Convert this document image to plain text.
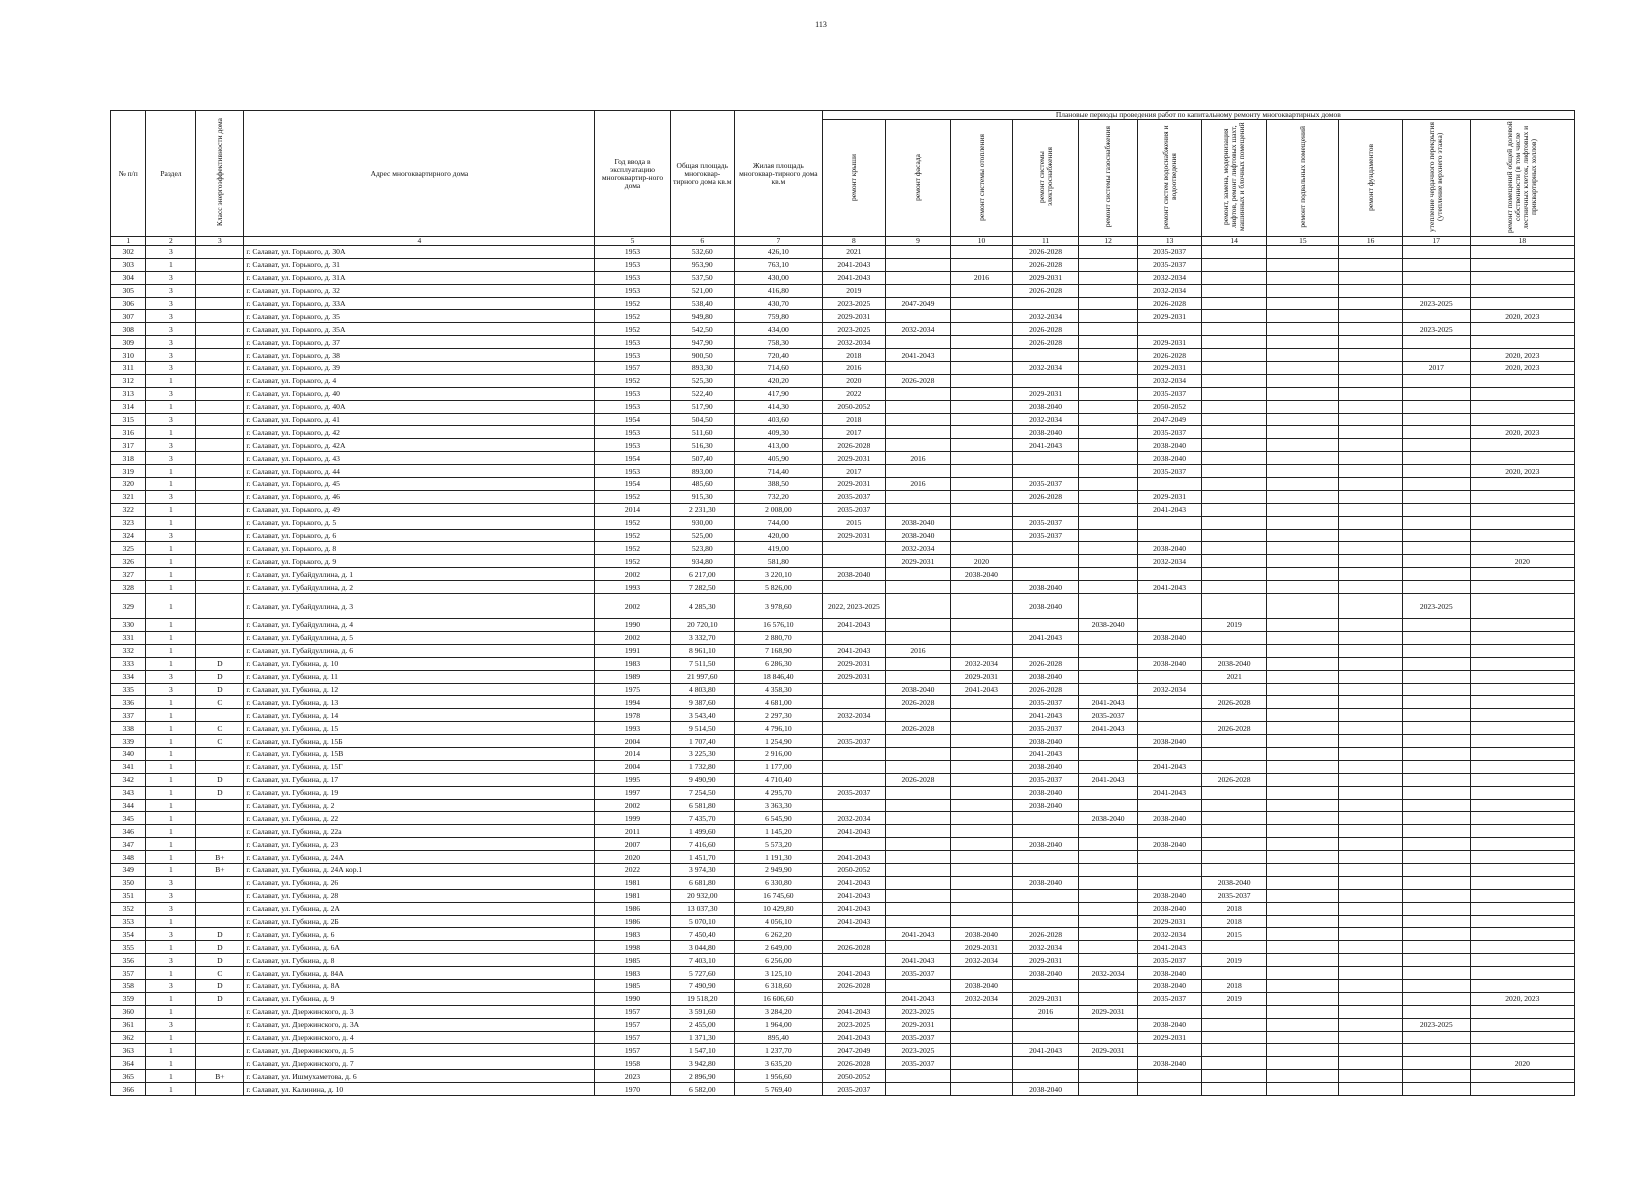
113
№ п/п	Раздел	Класс энергоэффективности дома	Адрес многоквартирного дома	Год ввода в эксплуатацию многоквартир-ного дома	Общая площадь многоквар-тирного дома кв.м	Жилая площадь многоквар-тирного дома кв.м	Плановые периоды проведения работ по капитальному ремонту многоквартирных домов										
							ремонт крыши	ремонт фасада	ремонт системы отопления	ремонт системы электроснабжения	ремонт системы газоснабжения	ремонт систем водоснабжения и водоотведения	ремонт, замена, модернизация лифтов, ремонт лифтовых шахт, машинных и блочных помещений	ремонт подвальных помещений	ремонт фундаментов	утепление чердачного перекрытия (утепление верхнего этажа)	ремонт помещений общей долевой собственности (в том числе лестничных клеток, лифтовых и приквартирных холлов)
1	2	3	4	5	6	7	8	9	10	11	12	13	14	15	16	17	18
302	3		г. Салават, ул. Горького, д. 30А	1953	532,60	426,10	2021			2026-2028		2035-2037					
303	1		г. Салават, ул. Горького, д. 31	1953	953,90	763,10	2041-2043			2026-2028		2035-2037					
304	3		г. Салават, ул. Горького, д. 31А	1953	537,50	430,00	2041-2043		2016	2029-2031		2032-2034					
305	3		г. Салават, ул. Горького, д. 32	1953	521,00	416,80	2019			2026-2028		2032-2034					
306	3		г. Салават, ул. Горького, д. 33А	1952	538,40	430,70	2023-2025	2047-2049				2026-2028				2023-2025	
307	3		г. Салават, ул. Горького, д. 35	1952	949,80	759,80	2029-2031			2032-2034		2029-2031					2020, 2023
308	3		г. Салават, ул. Горького, д. 35А	1952	542,50	434,00	2023-2025	2032-2034		2026-2028						2023-2025	
309	3		г. Салават, ул. Горького, д. 37	1953	947,90	758,30	2032-2034			2026-2028		2029-2031					
310	3		г. Салават, ул. Горького, д. 38	1953	900,50	720,40	2018	2041-2043				2026-2028					2020, 2023
311	3		г. Салават, ул. Горького, д. 39	1957	893,30	714,60	2016			2032-2034		2029-2031				2017	2020, 2023
312	1		г. Салават, ул. Горького, д. 4	1952	525,30	420,20	2020	2026-2028				2032-2034					
313	3		г. Салават, ул. Горького, д. 40	1953	522,40	417,90	2022			2029-2031		2035-2037					
314	1		г. Салават, ул. Горького, д. 40А	1953	517,90	414,30	2050-2052			2038-2040		2050-2052					
315	3		г. Салават, ул. Горького, д. 41	1954	504,50	403,60	2018			2032-2034		2047-2049					
316	1		г. Салават, ул. Горького, д. 42	1953	511,60	409,30	2017			2038-2040		2035-2037					2020, 2023
317	3		г. Салават, ул. Горького, д. 42А	1953	516,30	413,00	2026-2028			2041-2043		2038-2040					
318	3		г. Салават, ул. Горького, д. 43	1954	507,40	405,90	2029-2031	2016				2038-2040					
319	1		г. Салават, ул. Горького, д. 44	1953	893,00	714,40	2017					2035-2037					2020, 2023
320	1		г. Салават, ул. Горького, д. 45	1954	485,60	388,50	2029-2031	2016		2035-2037							
321	3		г. Салават, ул. Горького, д. 46	1952	915,30	732,20	2035-2037			2026-2028		2029-2031					
322	1		г. Салават, ул. Горького, д. 49	2014	2 231,30	2 008,00	2035-2037					2041-2043					
323	1		г. Салават, ул. Горького, д. 5	1952	930,00	744,00	2015	2038-2040		2035-2037							
324	3		г. Салават, ул. Горького, д. 6	1952	525,00	420,00	2029-2031	2038-2040		2035-2037							
325	1		г. Салават, ул. Горького, д. 8	1952	523,80	419,00		2032-2034				2038-2040					
326	1		г. Салават, ул. Горького, д. 9	1952	934,80	581,80		2029-2031	2020			2032-2034					2020
327	1		г. Салават, ул. Губайдуллина, д. 1	2002	6 217,00	3 220,10	2038-2040		2038-2040								
328	1		г. Салават, ул. Губайдуллина, д. 2	1993	7 282,50	5 826,00				2038-2040		2041-2043					
329	1		г. Салават, ул. Губайдуллина, д. 3	2002	4 285,30	3 978,60	2022, 2023-2025			2038-2040						2023-2025	
330	1		г. Салават, ул. Губайдуллина, д. 4	1990	20 720,10	16 576,10	2041-2043				2038-2040		2019				
331	1		г. Салават, ул. Губайдуллина, д. 5	2002	3 332,70	2 880,70				2041-2043		2038-2040					
332	1		г. Салават, ул. Губайдуллина, д. 6	1991	8 961,10	7 168,90	2041-2043	2016									
333	1	D	г. Салават, ул. Губкина, д. 10	1983	7 511,50	6 286,30	2029-2031		2032-2034	2026-2028		2038-2040	2038-2040				
334	3	D	г. Салават, ул. Губкина, д. 11	1989	21 997,60	18 846,40	2029-2031		2029-2031	2038-2040			2021				
335	3	D	г. Салават, ул. Губкина, д. 12	1975	4 803,80	4 358,30		2038-2040	2041-2043	2026-2028		2032-2034					
336	1	C	г. Салават, ул. Губкина, д. 13	1994	9 387,60	4 681,00		2026-2028		2035-2037	2041-2043		2026-2028				
337	1		г. Салават, ул. Губкина, д. 14	1978	3 543,40	2 297,30	2032-2034			2041-2043	2035-2037						
338	1	C	г. Салават, ул. Губкина, д. 15	1993	9 514,50	4 796,10		2026-2028		2035-2037	2041-2043		2026-2028				
339	1	C	г. Салават, ул. Губкина, д. 15Б	2004	1 707,40	1 254,90	2035-2037			2038-2040		2038-2040					
340	1		г. Салават, ул. Губкина, д. 15В	2014	3 225,30	2 916,00				2041-2043							
341	1		г. Салават, ул. Губкина, д. 15Г	2004	1 732,80	1 177,00				2038-2040		2041-2043					
342	1	D	г. Салават, ул. Губкина, д. 17	1995	9 490,90	4 710,40		2026-2028		2035-2037	2041-2043		2026-2028				
343	1	D	г. Салават, ул. Губкина, д. 19	1997	7 254,50	4 295,70	2035-2037			2038-2040		2041-2043					
344	1		г. Салават, ул. Губкина, д. 2	2002	6 581,80	3 363,30				2038-2040							
345	1		г. Салават, ул. Губкина, д. 22	1999	7 435,70	6 545,90	2032-2034				2038-2040	2038-2040					
346	1		г. Салават, ул. Губкина, д. 22а	2011	1 499,60	1 145,20	2041-2043										
347	1		г. Салават, ул. Губкина, д. 23	2007	7 416,60	5 573,20				2038-2040		2038-2040					
348	1	B+	г. Салават, ул. Губкина, д. 24А	2020	1 451,70	1 191,30	2041-2043										
349	1	B+	г. Салават, ул. Губкина, д. 24А кор.1	2022	3 974,30	2 949,90	2050-2052										
350	3		г. Салават, ул. Губкина, д. 26	1981	6 681,80	6 330,80	2041-2043			2038-2040			2038-2040				
351	3		г. Салават, ул. Губкина, д. 28	1981	20 932,00	16 745,60	2041-2043					2038-2040	2035-2037				
352	3		г. Салават, ул. Губкина, д. 2А	1986	13 037,30	10 429,80	2041-2043					2038-2040	2018				
353	1		г. Салават, ул. Губкина, д. 2Б	1986	5 070,10	4 056,10	2041-2043					2029-2031	2018				
354	3	D	г. Салават, ул. Губкина, д. 6	1983	7 450,40	6 262,20		2041-2043	2038-2040	2026-2028		2032-2034	2015				
355	1	D	г. Салават, ул. Губкина, д. 6А	1998	3 044,80	2 649,00	2026-2028		2029-2031	2032-2034		2041-2043					
356	3	D	г. Салават, ул. Губкина, д. 8	1985	7 403,10	6 256,00		2041-2043	2032-2034	2029-2031		2035-2037	2019				
357	1	C	г. Салават, ул. Губкина, д. 84А	1983	5 727,60	3 125,10	2041-2043	2035-2037		2038-2040	2032-2034	2038-2040					
358	3	D	г. Салават, ул. Губкина, д. 8А	1985	7 490,90	6 318,60	2026-2028		2038-2040			2038-2040	2018				
359	1	D	г. Салават, ул. Губкина, д. 9	1990	19 518,20	16 606,60		2041-2043	2032-2034	2029-2031		2035-2037	2019				2020, 2023
360	1		г. Салават, ул. Дзержинского, д. 3	1957	3 591,60	3 284,20	2041-2043	2023-2025		2016	2029-2031						
361	3		г. Салават, ул. Дзержинского, д. 3А	1957	2 455,00	1 964,00	2023-2025	2029-2031				2038-2040				2023-2025	
362	1		г. Салават, ул. Дзержинского, д. 4	1957	1 371,30	895,40	2041-2043	2035-2037				2029-2031					
363	1		г. Салават, ул. Дзержинского, д. 5	1957	1 547,10	1 237,70	2047-2049	2023-2025		2041-2043	2029-2031						
364	1		г. Салават, ул. Дзержинского, д. 7	1958	3 942,80	3 635,20	2026-2028	2035-2037				2038-2040					2020
365	1	B+	г. Салават, ул. Ишмухаметова, д. 6	2023	2 896,90	1 956,60	2050-2052										
366	1		г. Салават, ул. Калинина, д. 10	1970	6 582,00	5 769,40	2035-2037			2038-2040							
